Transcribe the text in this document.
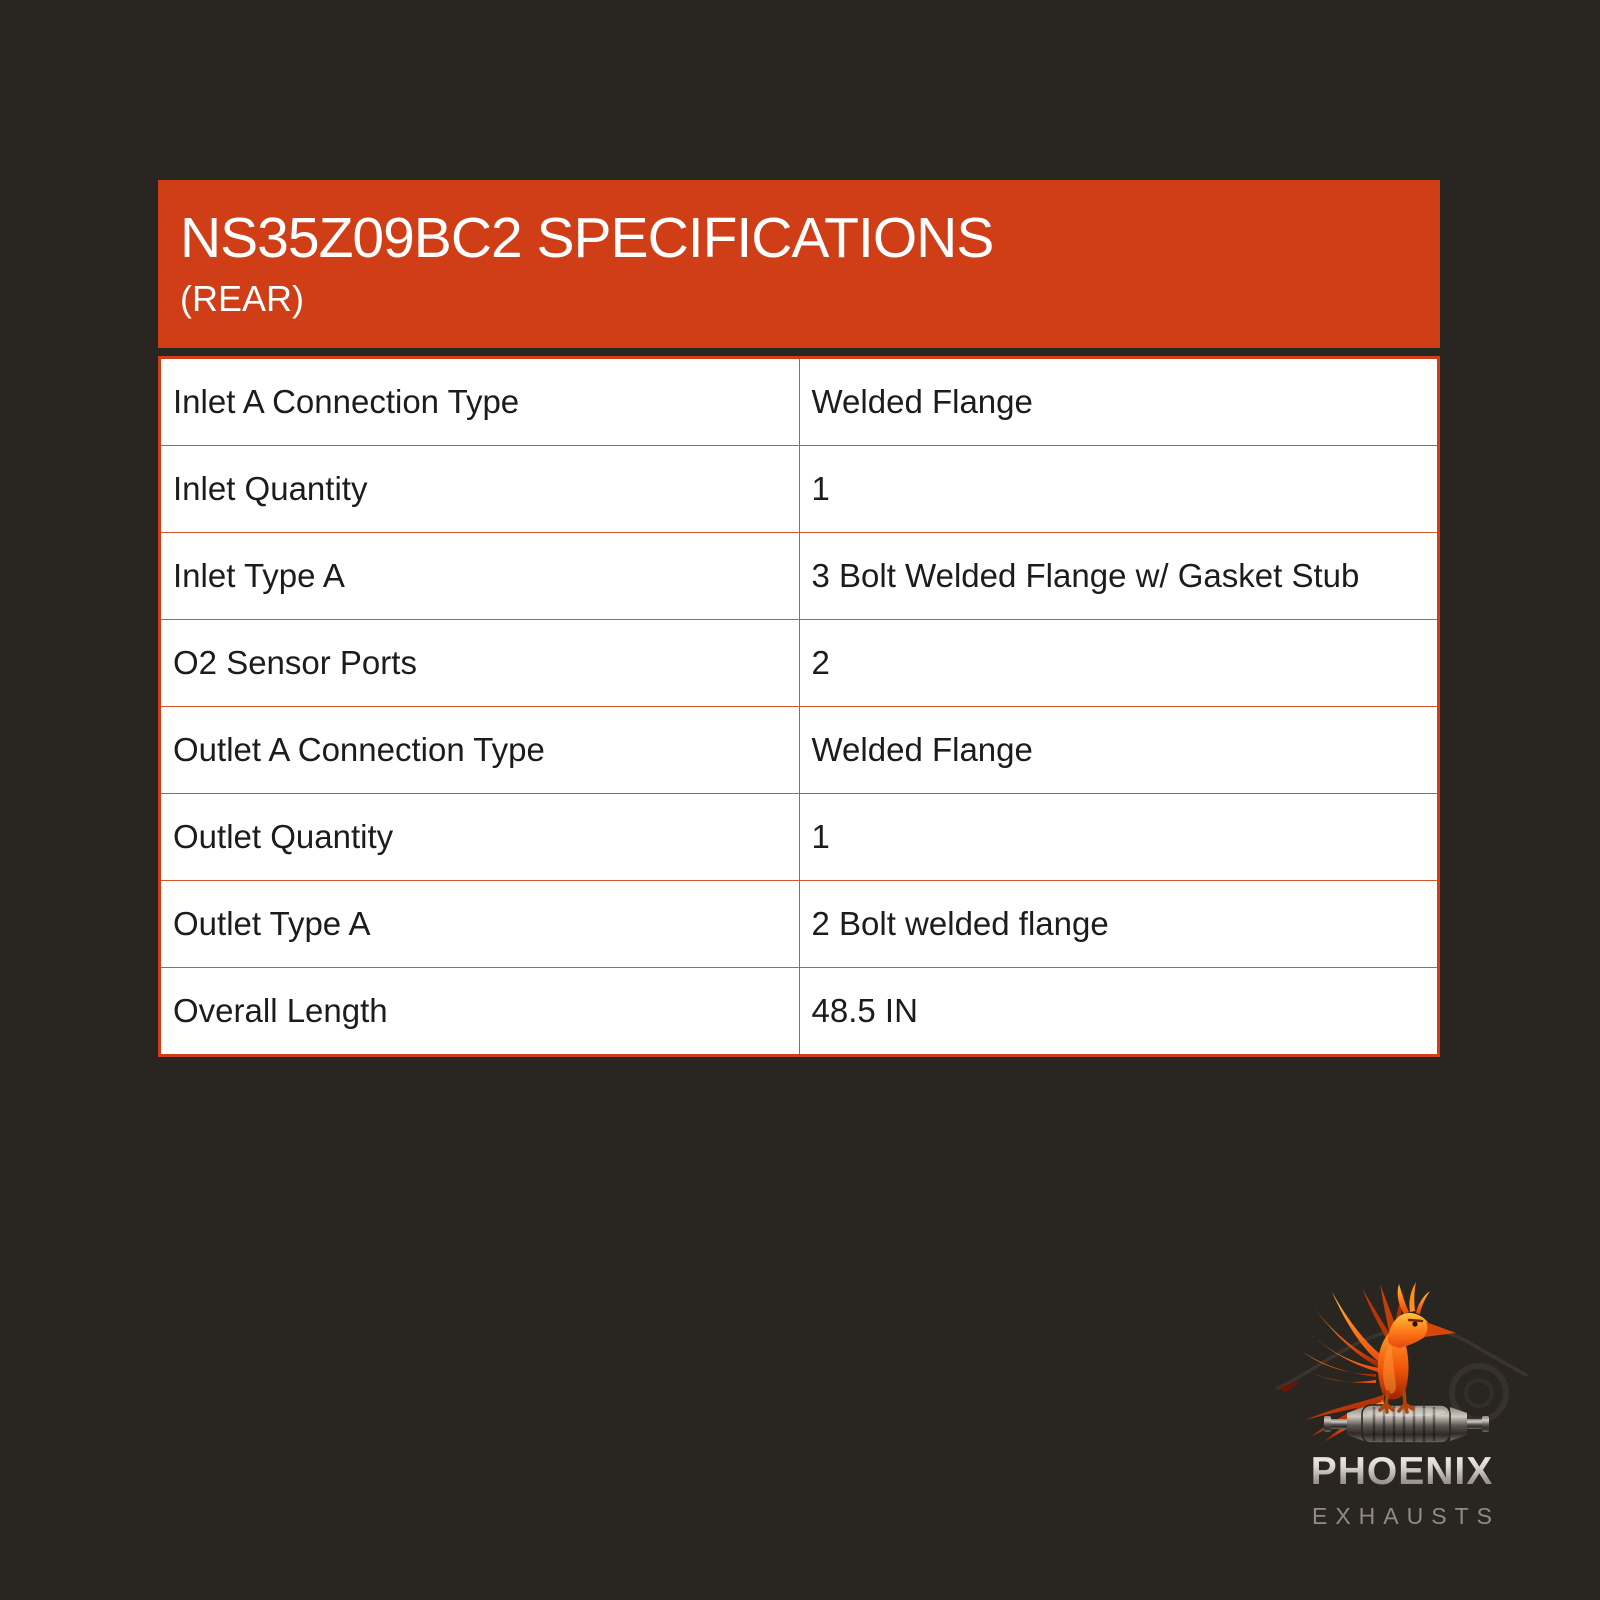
NS35Z09BC2 SPECIFICATIONS
(REAR)
Inlet A Connection Type	Welded Flange
Inlet Quantity	1
Inlet Type A	3 Bolt Welded Flange w/ Gasket Stub
O2 Sensor Ports	2
Outlet A Connection Type	Welded Flange
Outlet Quantity	1
Outlet Type A	2 Bolt welded flange
Overall Length	48.5 IN
PHOENIX
EXHAUSTS
